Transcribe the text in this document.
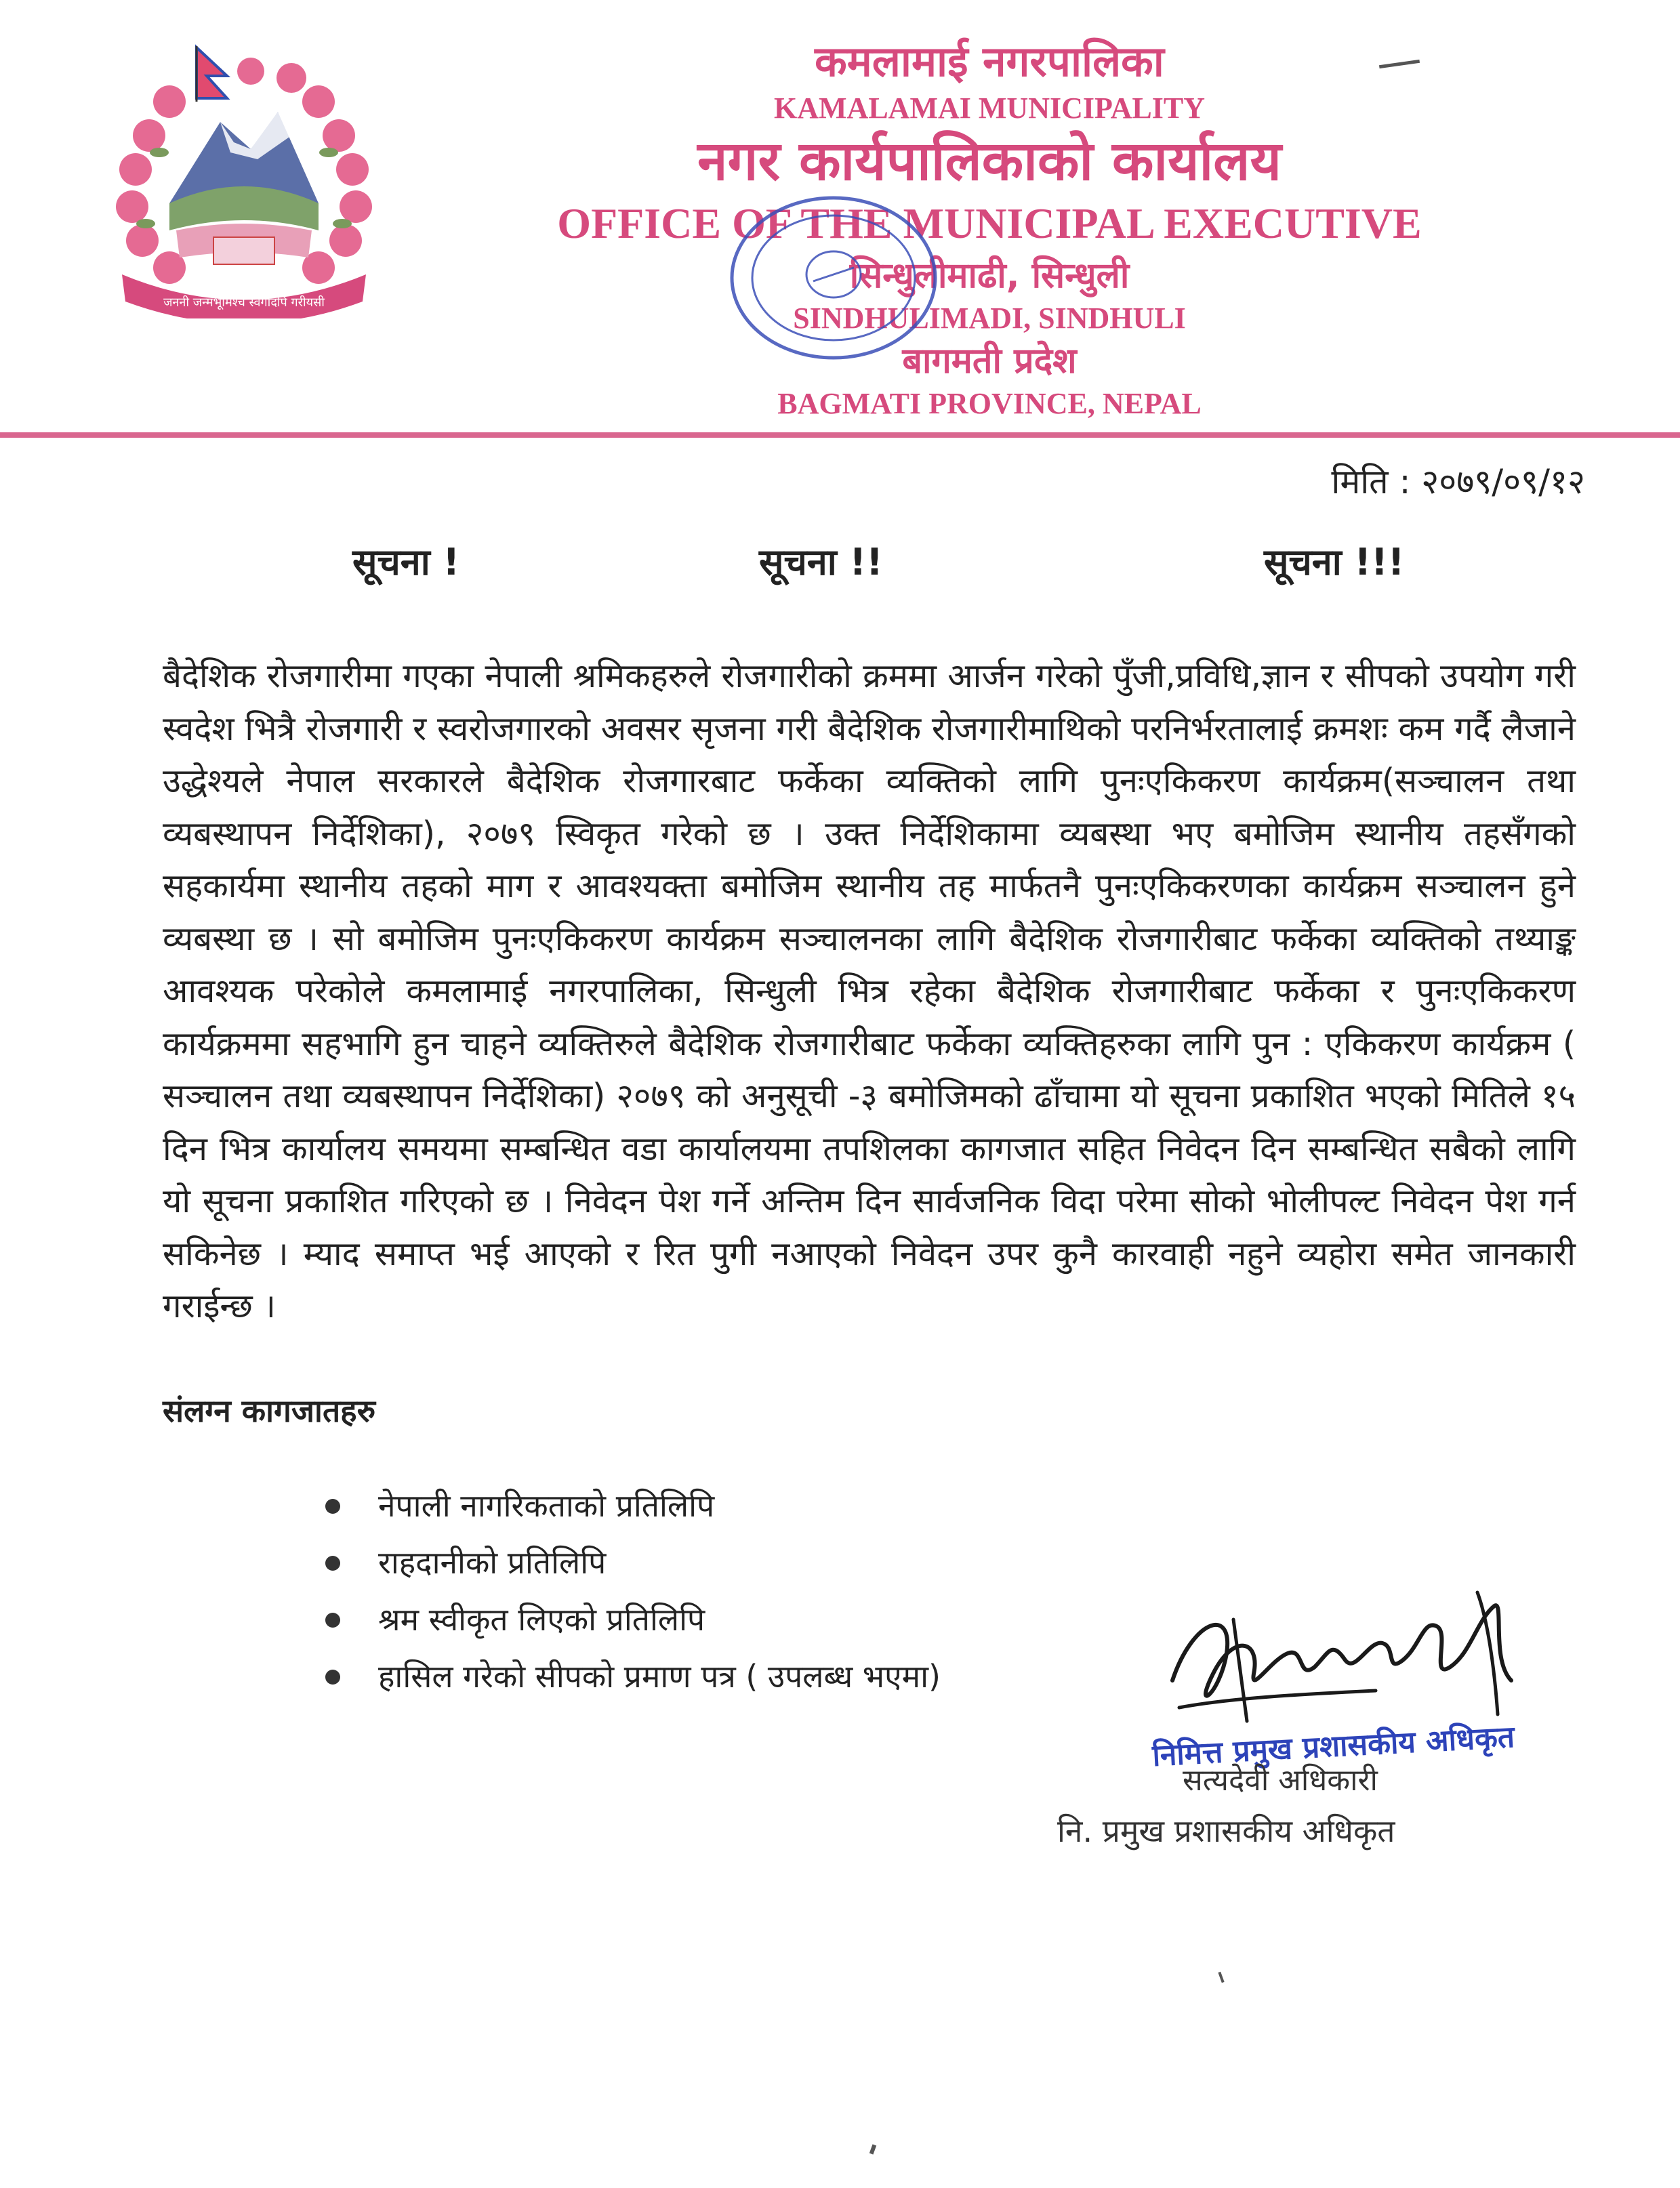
जननी जन्मभूमिश्च स्वर्गादपि गरीयसी
कमलामाई नगरपालिका
KAMALAMAI MUNICIPALITY
नगर कार्यपालिकाको कार्यालय
OFFICE OF THE MUNICIPAL EXECUTIVE
सिन्धुलीमाढी, सिन्धुली
SINDHULIMADI, SINDHULI
बागमती प्रदेश
BAGMATI PROVINCE, NEPAL
मिति : २०७९/०९/१२
सूचना !	सूचना !!	सूचना !!!

बैदेशिक रोजगारीमा गएका नेपाली श्रमिकहरुले रोजगारीको क्रममा आर्जन गरेको पुँजी,प्रविधि,ज्ञान र सीपको उपयोग गरी स्वदेश भित्रै रोजगारी र स्वरोजगारको अवसर सृजना गरी बैदेशिक रोजगारीमाथिको परनिर्भरतालाई क्रमशः कम गर्दै लैजाने उद्धेश्यले नेपाल सरकारले बैदेशिक रोजगारबाट फर्केका व्यक्तिको लागि पुनःएकिकरण कार्यक्रम(सञ्चालन तथा व्यबस्थापन निर्देशिका), २०७९ स्विकृत गरेको छ । उक्त निर्देशिकामा व्यबस्था भए बमोजिम स्थानीय तहसँगको सहकार्यमा स्थानीय तहको माग र आवश्यक्ता बमोजिम स्थानीय तह मार्फतनै पुनःएकिकरणका कार्यक्रम सञ्चालन हुने व्यबस्था छ । सो बमोजिम पुनःएकिकरण कार्यक्रम सञ्चालनका लागि बैदेशिक रोजगारीबाट फर्केका व्यक्तिको तथ्याङ्क आवश्यक परेकोले कमलामाई नगरपालिका, सिन्धुली भित्र रहेका बैदेशिक रोजगारीबाट फर्केका र पुनःएकिकरण कार्यक्रममा सहभागि हुन चाहने व्यक्तिरुले बैदेशिक रोजगारीबाट फर्केका व्यक्तिहरुका लागि पुन : एकिकरण कार्यक्रम ( सञ्चालन तथा व्यबस्थापन निर्देशिका) २०७९ को अनुसूची -३ बमोजिमको ढाँचामा यो सूचना प्रकाशित भएको मितिले १५ दिन भित्र कार्यालय समयमा सम्बन्धित वडा कार्यालयमा तपशिलका कागजात सहित निवेदन दिन सम्बन्धित सबैको लागि यो सूचना प्रकाशित गरिएको छ । निवेदन पेश गर्ने अन्तिम दिन सार्वजनिक विदा परेमा सोको भोलीपल्ट निवेदन पेश गर्न सकिनेछ । म्याद समाप्त भई आएको र रित पुगी नआएको निवेदन उपर कुनै कारवाही नहुने व्यहोरा समेत जानकारी गराईन्छ ।

संलग्न कागजातहरु
नेपाली नागरिकताको प्रतिलिपि
राहदानीको प्रतिलिपि
श्रम स्वीकृत लिएको प्रतिलिपि
हासिल गरेको सीपको प्रमाण पत्र ( उपलब्ध भएमा)
निमित्त प्रमुख प्रशासकीय अधिकृत
सत्यदेवी अधिकारी
नि. प्रमुख प्रशासकीय अधिकृत
